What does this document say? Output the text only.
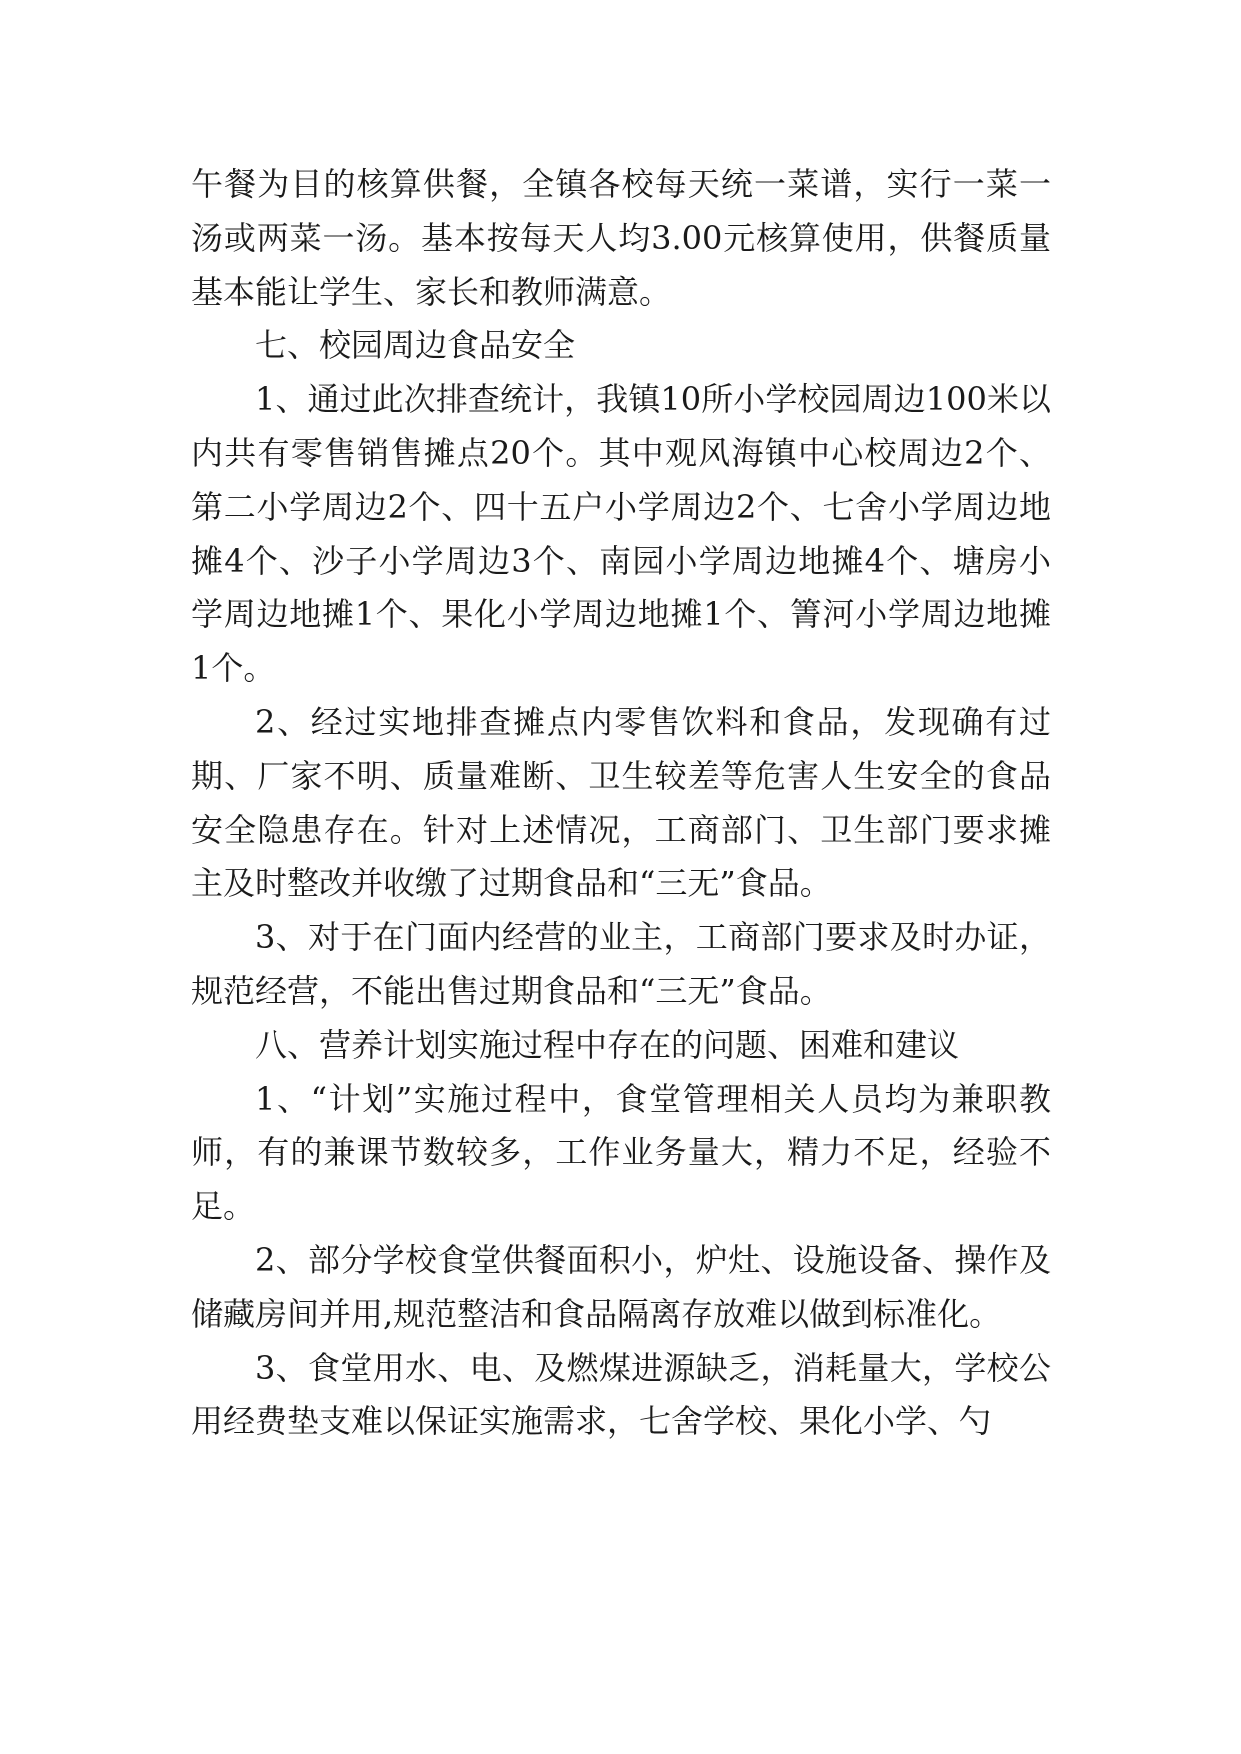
午餐为目的核算供餐，全镇各校每天统一菜谱，实行一菜一汤或两菜一汤。基本按每天人均3.00元核算使用，供餐质量基本能让学生、家长和教师满意。

七、校园周边食品安全

1、通过此次排查统计，我镇10所小学校园周边100米以内共有零售销售摊点20个。其中观风海镇中心校周边2个、第二小学周边2个、四十五户小学周边2个、七舍小学周边地摊4个、沙子小学周边3个、南园小学周边地摊4个、塘房小学周边地摊1个、果化小学周边地摊1个、箐河小学周边地摊1个。

2、经过实地排查摊点内零售饮料和食品，发现确有过期、厂家不明、质量难断、卫生较差等危害人生安全的食品安全隐患存在。针对上述情况，工商部门、卫生部门要求摊主及时整改并收缴了过期食品和“三无”食品。

3、对于在门面内经营的业主，工商部门要求及时办证，规范经营，不能出售过期食品和“三无”食品。

八、营养计划实施过程中存在的问题、困难和建议

1、“计划”实施过程中，食堂管理相关人员均为兼职教师，有的兼课节数较多，工作业务量大，精力不足，经验不足。

2、部分学校食堂供餐面积小，炉灶、设施设备、操作及储藏房间并用,规范整洁和食品隔离存放难以做到标准化。

3、食堂用水、电、及燃煤进源缺乏，消耗量大，学校公用经费垫支难以保证实施需求，七舍学校、果化小学、勺
